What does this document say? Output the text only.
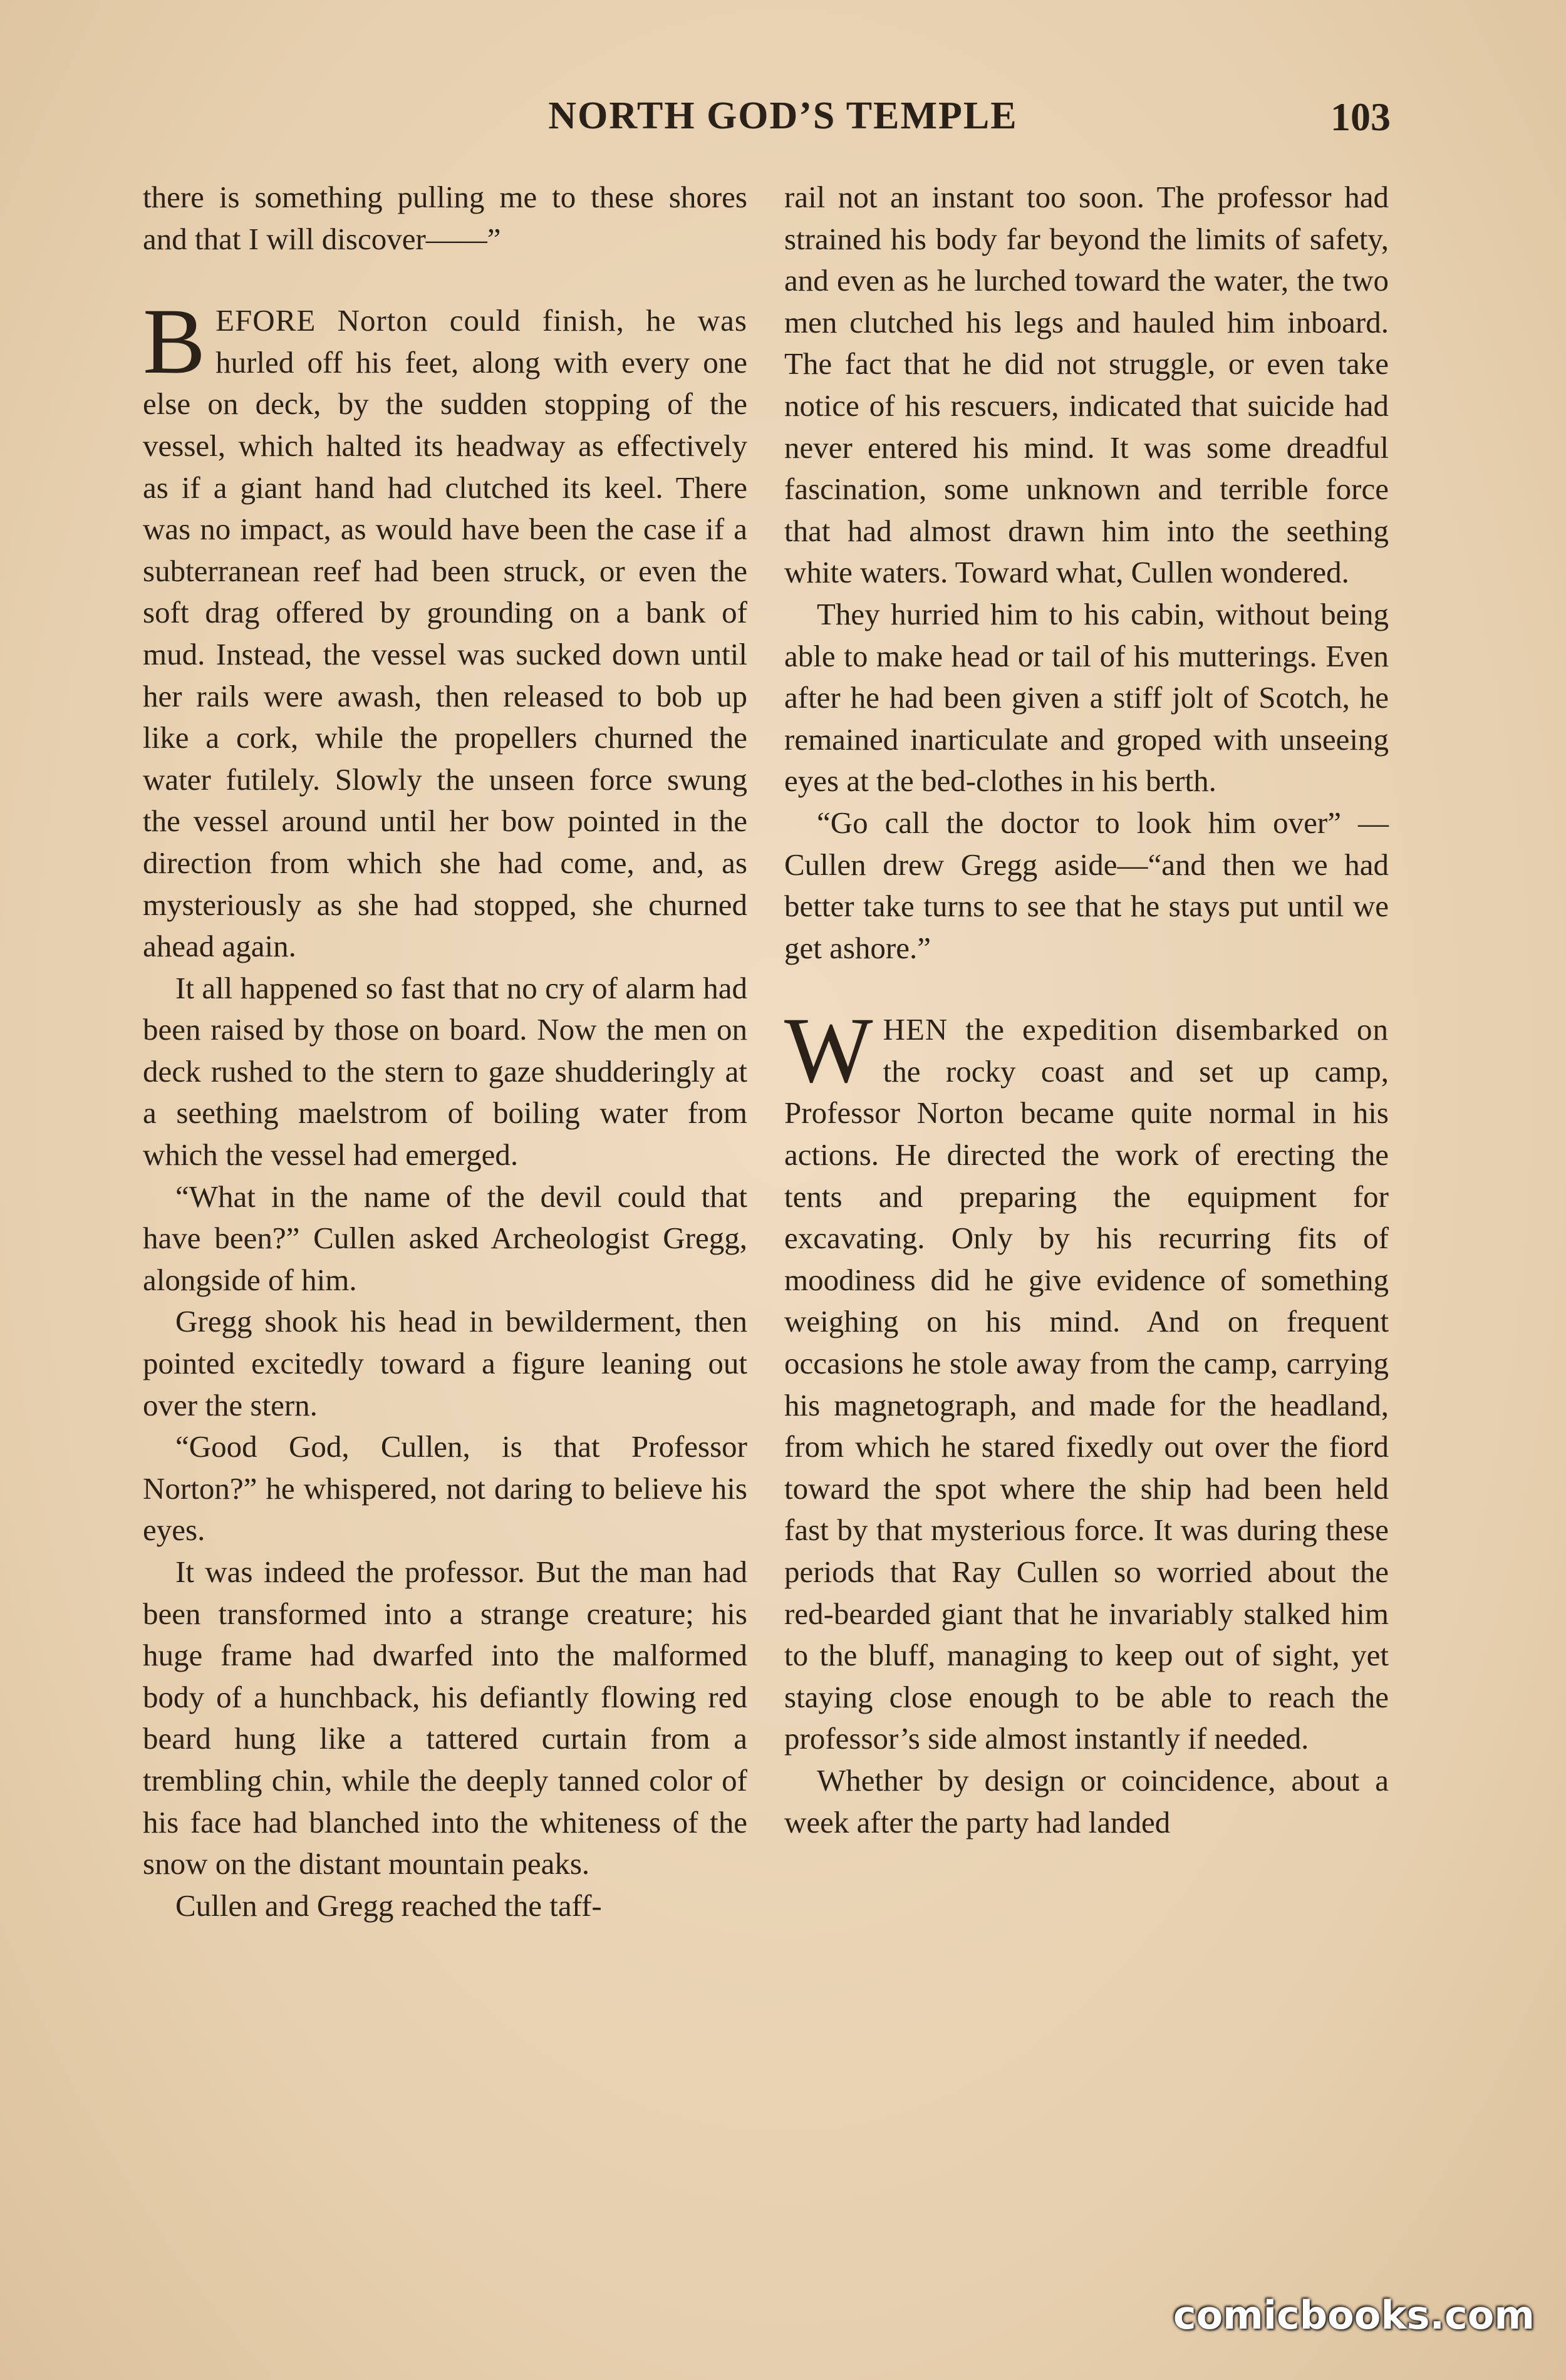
NORTH GOD’S TEMPLE	103

there is something pulling me to these shores and that I will discover——”

BEFORE Norton could finish, he was hurled off his feet, along with every one else on deck, by the sudden stopping of the vessel, which halted its headway as effectively as if a giant hand had clutched its keel. There was no impact, as would have been the case if a subterranean reef had been struck, or even the soft drag offered by grounding on a bank of mud. Instead, the vessel was sucked down until her rails were awash, then released to bob up like a cork, while the propellers churned the water futilely. Slowly the unseen force swung the vessel around until her bow pointed in the direction from which she had come, and, as mysteriously as she had stopped, she churned ahead again.

It all happened so fast that no cry of alarm had been raised by those on board. Now the men on deck rushed to the stern to gaze shudderingly at a seething maelstrom of boiling water from which the vessel had emerged.

“What in the name of the devil could that have been?” Cullen asked Archeologist Gregg, alongside of him.

Gregg shook his head in bewilderment, then pointed excitedly toward a figure leaning out over the stern.

“Good God, Cullen, is that Professor Norton?” he whispered, not daring to believe his eyes.

It was indeed the professor. But the man had been transformed into a strange creature; his huge frame had dwarfed into the malformed body of a hunchback, his defiantly flowing red beard hung like a tattered curtain from a trembling chin, while the deeply tanned color of his face had blanched into the whiteness of the snow on the distant mountain peaks.

Cullen and Gregg reached the taff-

rail not an instant too soon. The professor had strained his body far beyond the limits of safety, and even as he lurched toward the water, the two men clutched his legs and hauled him inboard. The fact that he did not struggle, or even take notice of his rescuers, indicated that suicide had never entered his mind. It was some dreadful fascination, some unknown and terrible force that had almost drawn him into the seething white waters. Toward what, Cullen wondered.

They hurried him to his cabin, without being able to make head or tail of his mutterings. Even after he had been given a stiff jolt of Scotch, he remained inarticulate and groped with unseeing eyes at the bed-clothes in his berth.

“Go call the doctor to look him over” —Cullen drew Gregg aside—“and then we had better take turns to see that he stays put until we get ashore.”

WHEN the expedition disembarked on the rocky coast and set up camp, Professor Norton became quite normal in his actions. He directed the work of erecting the tents and preparing the equipment for excavating. Only by his recurring fits of moodiness did he give evidence of something weighing on his mind. And on frequent occasions he stole away from the camp, carrying his magnetograph, and made for the headland, from which he stared fixedly out over the fiord toward the spot where the ship had been held fast by that mysterious force. It was during these periods that Ray Cullen so worried about the red-bearded giant that he invariably stalked him to the bluff, managing to keep out of sight, yet staying close enough to be able to reach the professor’s side almost instantly if needed.

Whether by design or coincidence, about a week after the party had landed

comicbooks.com
